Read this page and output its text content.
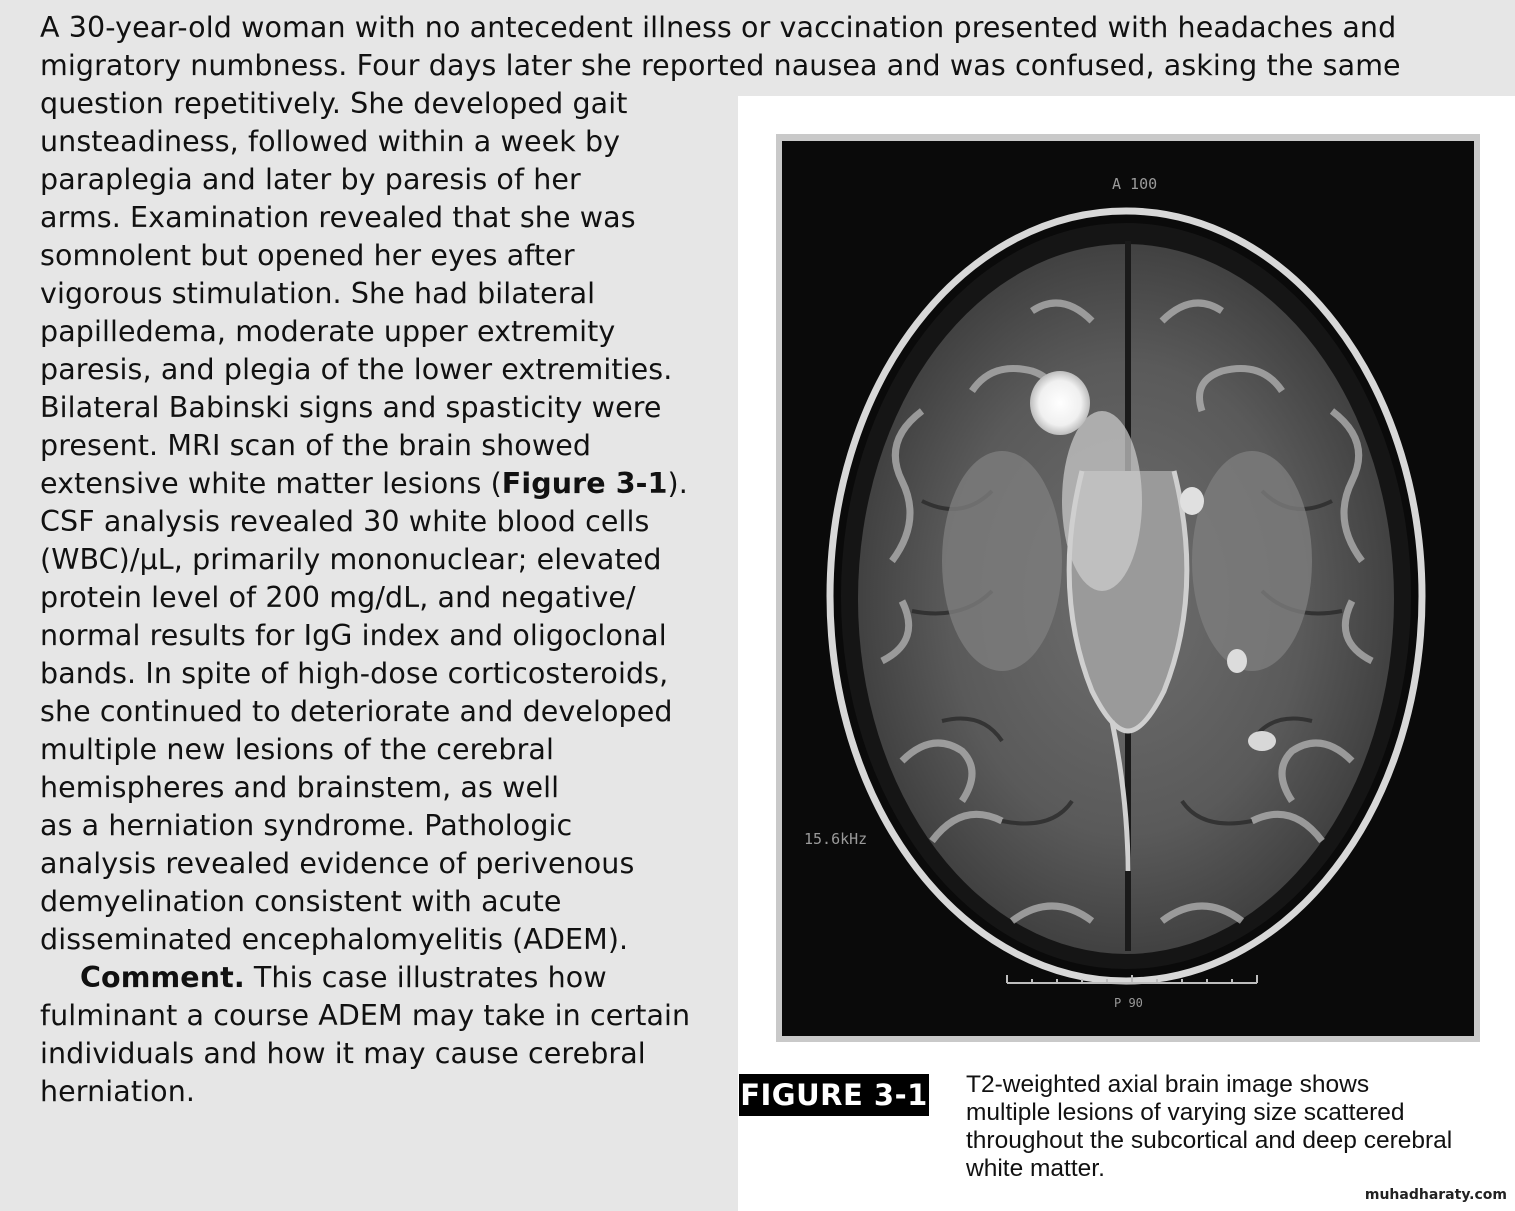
A 30-year-old woman with no antecedent illness or vaccination presented with headaches and
migratory numbness. Four days later she reported nausea and was confused, asking the same
question repetitively. She developed gait
unsteadiness, followed within a week by
paraplegia and later by paresis of her
arms. Examination revealed that she was
somnolent but opened her eyes after
vigorous stimulation. She had bilateral
papilledema, moderate upper extremity
paresis, and plegia of the lower extremities.
Bilateral Babinski signs and spasticity were
present. MRI scan of the brain showed
extensive white matter lesions (Figure 3-1).
CSF analysis revealed 30 white blood cells
(WBC)/μL, primarily mononuclear; elevated
protein level of 200 mg/dL, and negative/
normal results for IgG index and oligoclonal
bands. In spite of high-dose corticosteroids,
she continued to deteriorate and developed
multiple new lesions of the cerebral
hemispheres and brainstem, as well
as a herniation syndrome. Pathologic
analysis revealed evidence of perivenous
demyelination consistent with acute
disseminated encephalomyelitis (ADEM).
Comment. This case illustrates how
fulminant a course ADEM may take in certain
individuals and how it may cause cerebral
herniation.
A 100
15.6kHz
P 90
FIGURE 3-1 T2-weighted axial brain image shows
multiple lesions of varying size scattered
throughout the subcortical and deep cerebral
white matter.
muhadharaty.com
